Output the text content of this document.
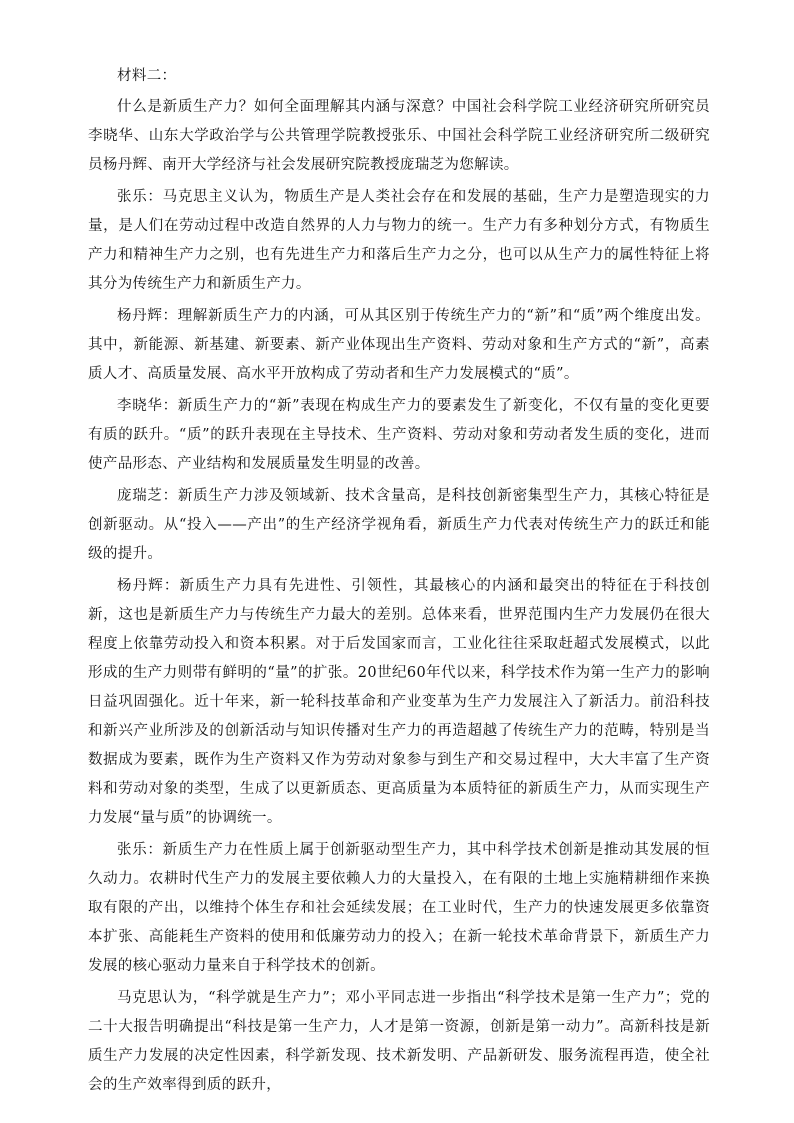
材料二：

什么是新质生产力？如何全面理解其内涵与深意？中国社会科学院工业经济研究所研究员李晓华、山东大学政治学与公共管理学院教授张乐、中国社会科学院工业经济研究所二级研究员杨丹辉、南开大学经济与社会发展研究院教授庞瑞芝为您解读。

张乐：马克思主义认为，物质生产是人类社会存在和发展的基础，生产力是塑造现实的力量，是人们在劳动过程中改造自然界的人力与物力的统一。生产力有多种划分方式，有物质生产力和精神生产力之别，也有先进生产力和落后生产力之分，也可以从生产力的属性特征上将其分为传统生产力和新质生产力。

杨丹辉：理解新质生产力的内涵，可从其区别于传统生产力的“新”和“质”两个维度出发。其中，新能源、新基建、新要素、新产业体现出生产资料、劳动对象和生产方式的“新”，高素质人才、高质量发展、高水平开放构成了劳动者和生产力发展模式的“质”。

李晓华：新质生产力的“新”表现在构成生产力的要素发生了新变化，不仅有量的变化更要有质的跃升。“质”的跃升表现在主导技术、生产资料、劳动对象和劳动者发生质的变化，进而使产品形态、产业结构和发展质量发生明显的改善。

庞瑞芝：新质生产力涉及领域新、技术含量高，是科技创新密集型生产力，其核心特征是创新驱动。从“投入——产出”的生产经济学视角看，新质生产力代表对传统生产力的跃迁和能级的提升。

杨丹辉：新质生产力具有先进性、引领性，其最核心的内涵和最突出的特征在于科技创新，这也是新质生产力与传统生产力最大的差别。总体来看，世界范围内生产力发展仍在很大程度上依靠劳动投入和资本积累。对于后发国家而言，工业化往往采取赶超式发展模式，以此形成的生产力则带有鲜明的“量”的扩张。20世纪60年代以来，科学技术作为第一生产力的影响日益巩固强化。近十年来，新一轮科技革命和产业变革为生产力发展注入了新活力。前沿科技和新兴产业所涉及的创新活动与知识传播对生产力的再造超越了传统生产力的范畴，特别是当数据成为要素，既作为生产资料又作为劳动对象参与到生产和交易过程中，大大丰富了生产资料和劳动对象的类型，生成了以更新质态、更高质量为本质特征的新质生产力，从而实现生产力发展“量与质”的协调统一。

张乐：新质生产力在性质上属于创新驱动型生产力，其中科学技术创新是推动其发展的恒久动力。农耕时代生产力的发展主要依赖人力的大量投入，在有限的土地上实施精耕细作来换取有限的产出，以维持个体生存和社会延续发展；在工业时代，生产力的快速发展更多依靠资本扩张、高能耗生产资料的使用和低廉劳动力的投入；在新一轮技术革命背景下，新质生产力发展的核心驱动力量来自于科学技术的创新。

马克思认为，“科学就是生产力”；邓小平同志进一步指出“科学技术是第一生产力”；党的二十大报告明确提出“科技是第一生产力，人才是第一资源，创新是第一动力”。高新科技是新质生产力发展的决定性因素，科学新发现、技术新发明、产品新研发、服务流程再造，使全社会的生产效率得到质的跃升，
